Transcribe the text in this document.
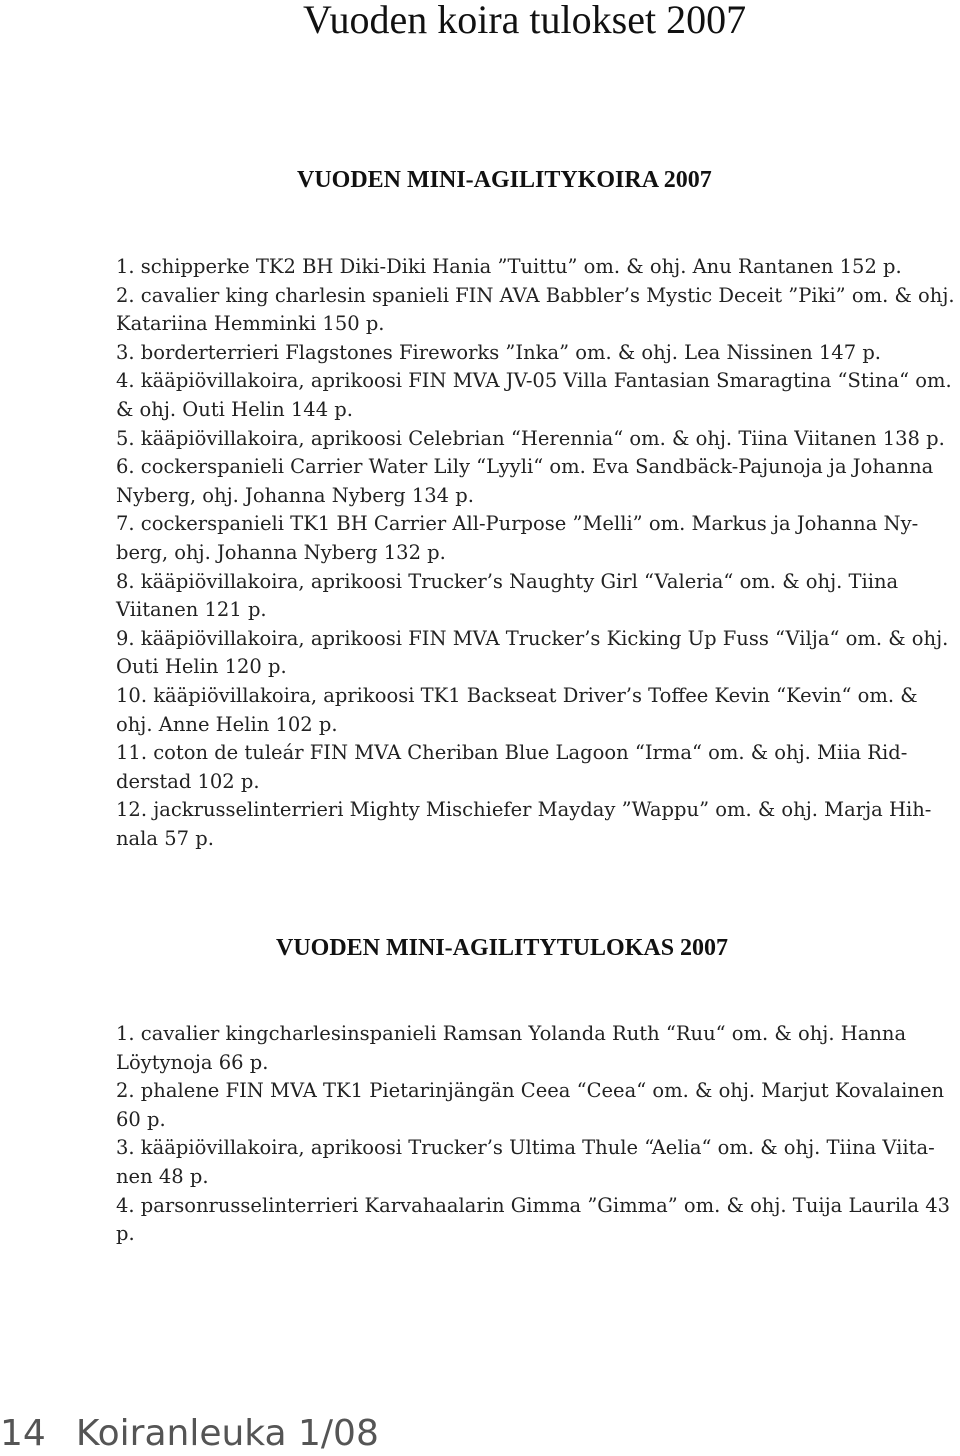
Vuoden koira tulokset 2007
VUODEN MINI-AGILITYKOIRA 2007
1. schipperke TK2 BH Diki-Diki Hania ”Tuittu” om. & ohj. Anu Rantanen 152 p.
2. cavalier king charlesin spanieli FIN AVA Babbler’s Mystic Deceit ”Piki” om. & ohj. Katariina Hemminki 150 p.
3. borderterrieri Flagstones Fireworks ”Inka” om. & ohj. Lea Nissinen 147 p.
4. kääpiövillakoira, aprikoosi FIN MVA JV-05 Villa Fantasian Smaragtina “Stina“ om. & ohj. Outi Helin 144 p.
5. kääpiövillakoira, aprikoosi Celebrian “Herennia“ om. & ohj. Tiina Viitanen 138 p.
6. cockerspanieli Carrier Water Lily “Lyyli“ om. Eva Sandbäck-Pajunoja ja Johanna Nyberg, ohj. Johanna Nyberg 134 p.
7. cockerspanieli TK1 BH Carrier All-Purpose ”Melli” om. Markus ja Johanna Nyberg, ohj. Johanna Nyberg 132 p.
8. kääpiövillakoira, aprikoosi Trucker’s Naughty Girl “Valeria“ om. & ohj. Tiina Viitanen 121 p.
9. kääpiövillakoira, aprikoosi FIN MVA Trucker’s Kicking Up Fuss “Vilja“ om. & ohj. Outi Helin 120 p.
10. kääpiövillakoira, aprikoosi TK1 Backseat Driver’s Toffee Kevin “Kevin“ om. & ohj. Anne Helin 102 p.
11. coton de tuleár FIN MVA Cheriban Blue Lagoon “Irma“ om. & ohj. Miia Ridderstad 102 p.
12. jackrusselinterrieri Mighty Mischiefer Mayday ”Wappu” om. & ohj. Marja Hihnala 57 p.
VUODEN MINI-AGILITYTULOKAS 2007
1. cavalier kingcharlesinspanieli Ramsan Yolanda Ruth “Ruu“ om. & ohj. Hanna Löytynoja 66 p.
2. phalene FIN MVA TK1 Pietarinjängän Ceea “Ceea“ om. & ohj. Marjut Kovalainen 60 p.
3. kääpiövillakoira, aprikoosi Trucker’s Ultima Thule “Aelia“ om. & ohj. Tiina Viitanen 48 p.
4. parsonrusselinterrieri Karvahaalarin Gimma ”Gimma” om. & ohj. Tuija Laurila 43 p.
14 Koiranleuka 1/08
